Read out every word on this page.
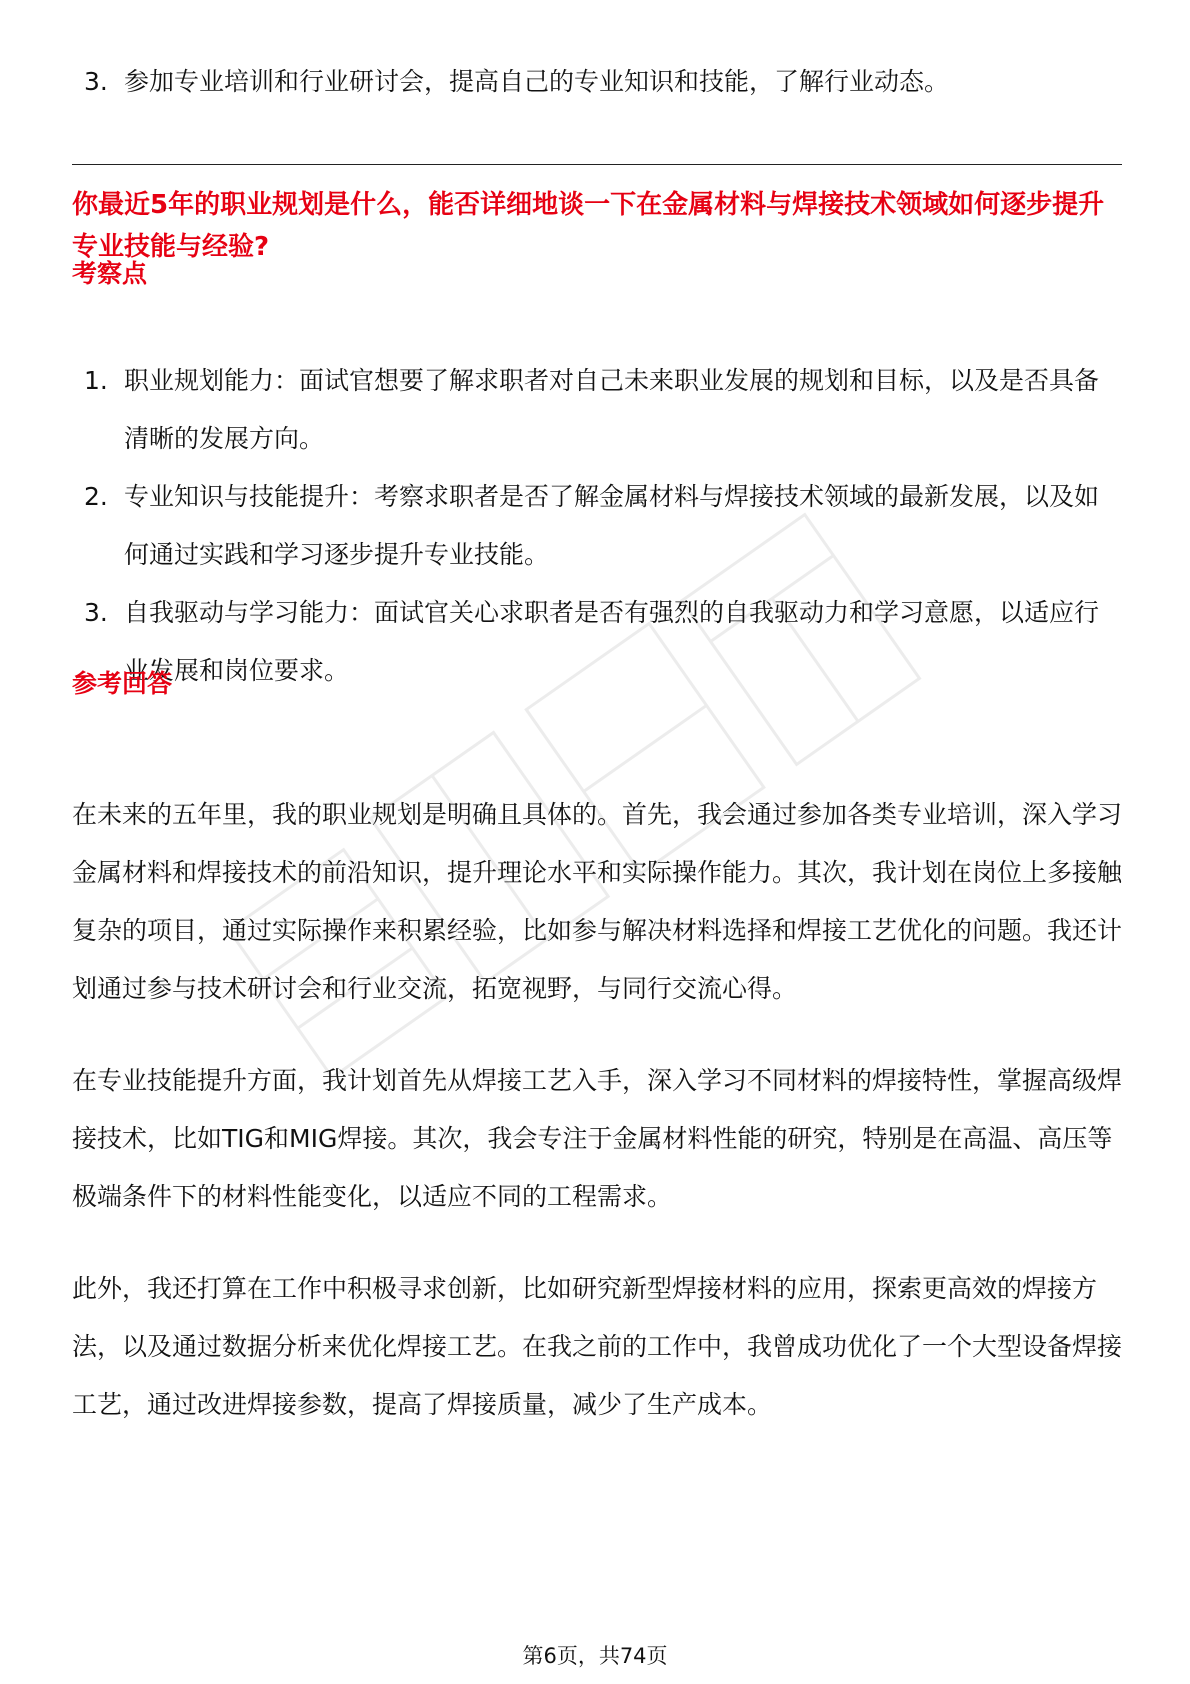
3. 参加专业培训和行业研讨会，提高自己的专业知识和技能，了解行业动态。
你最近5年的职业规划是什么，能否详细地谈一下在金属材料与焊接技术领域如何逐步提升专业技能与经验?
考察点
1. 职业规划能力：面试官想要了解求职者对自己未来职业发展的规划和目标，以及是否具备清晰的发展方向。
2. 专业知识与技能提升：考察求职者是否了解金属材料与焊接技术领域的最新发展，以及如何通过实践和学习逐步提升专业技能。
3. 自我驱动与学习能力：面试官关心求职者是否有强烈的自我驱动力和学习意愿，以适应行业发展和岗位要求。
参考回答

在未来的五年里，我的职业规划是明确且具体的。首先，我会通过参加各类专业培训，深入学习金属材料和焊接技术的前沿知识，提升理论水平和实际操作能力。其次，我计划在岗位上多接触复杂的项目，通过实际操作来积累经验，比如参与解决材料选择和焊接工艺优化的问题。我还计划通过参与技术研讨会和行业交流，拓宽视野，与同行交流心得。

在专业技能提升方面，我计划首先从焊接工艺入手，深入学习不同材料的焊接特性，掌握高级焊接技术，比如TIG和MIG焊接。其次，我会专注于金属材料性能的研究，特别是在高温、高压等极端条件下的材料性能变化，以适应不同的工程需求。

此外，我还打算在工作中积极寻求创新，比如研究新型焊接材料的应用，探索更高效的焊接方法，以及通过数据分析来优化焊接工艺。在我之前的工作中，我曾成功优化了一个大型设备焊接工艺，通过改进焊接参数，提高了焊接质量，减少了生产成本。

第6页，共74页
